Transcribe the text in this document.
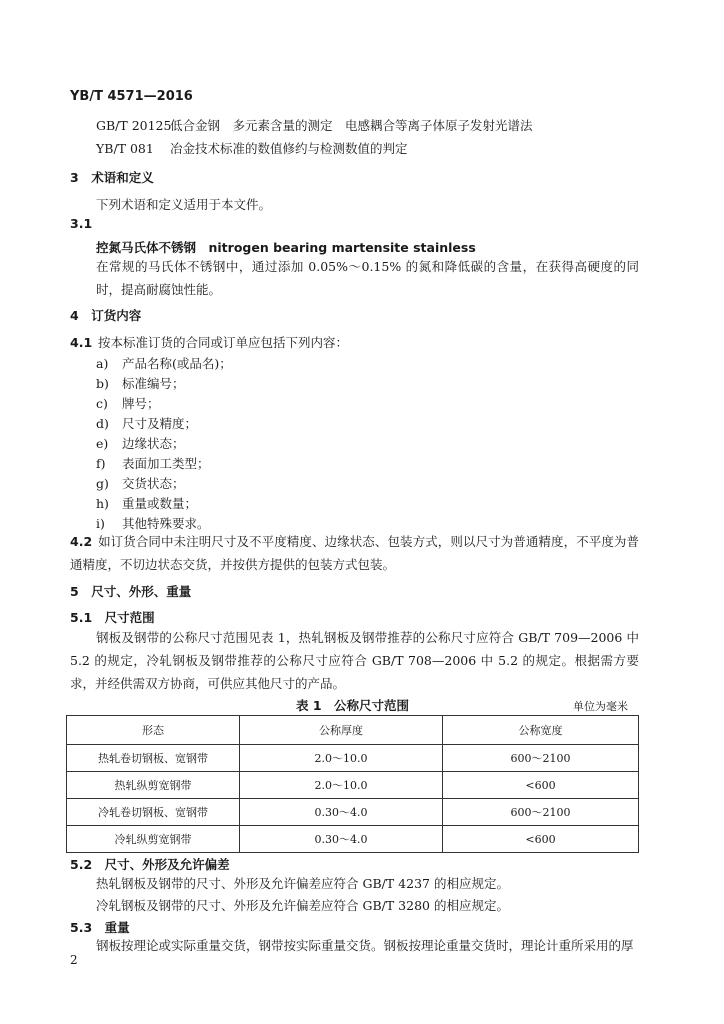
YB/T 4571—2016
GB/T 20125低合金钢　多元素含量的测定　电感耦合等离子体原子发射光谱法
YB/T 081 冶金技术标准的数值修约与检测数值的判定
3　术语和定义
下列术语和定义适用于本文件。
3.1
控氮马氏体不锈钢　nitrogen bearing martensite stainless
在常规的马氏体不锈钢中，通过添加 0.05%～0.15% 的氮和降低碳的含量，在获得高硬度的同时，提高耐腐蚀性能。
4　订货内容
4.1 按本标准订货的合同或订单应包括下列内容：
a) 产品名称(或品名)；
b) 标准编号；
c) 牌号；
d) 尺寸及精度；
e) 边缘状态；
f) 表面加工类型；
g) 交货状态；
h) 重量或数量；
i) 其他特殊要求。
4.2 如订货合同中未注明尺寸及不平度精度、边缘状态、包装方式，则以尺寸为普通精度，不平度为普通精度，不切边状态交货，并按供方提供的包装方式包装。
5　尺寸、外形、重量
5.1　尺寸范围
钢板及钢带的公称尺寸范围见表 1，热轧钢板及钢带推荐的公称尺寸应符合 GB/T 709—2006 中 5.2 的规定，冷轧钢板及钢带推荐的公称尺寸应符合 GB/T 708—2006 中 5.2 的规定。根据需方要求，并经供需双方协商，可供应其他尺寸的产品。
表 1　公称尺寸范围	单位为毫米
形态	公称厚度	公称宽度
热轧卷切钢板、宽钢带	2.0～10.0	600～2100
热轧纵剪宽钢带	2.0～10.0	<600
冷轧卷切钢板、宽钢带	0.30～4.0	600～2100
冷轧纵剪宽钢带	0.30～4.0	<600
5.2　尺寸、外形及允许偏差
热轧钢板及钢带的尺寸、外形及允许偏差应符合 GB/T 4237 的相应规定。
冷轧钢板及钢带的尺寸、外形及允许偏差应符合 GB/T 3280 的相应规定。
5.3　重量
钢板按理论或实际重量交货，钢带按实际重量交货。钢板按理论重量交货时，理论计重所采用的厚
2
